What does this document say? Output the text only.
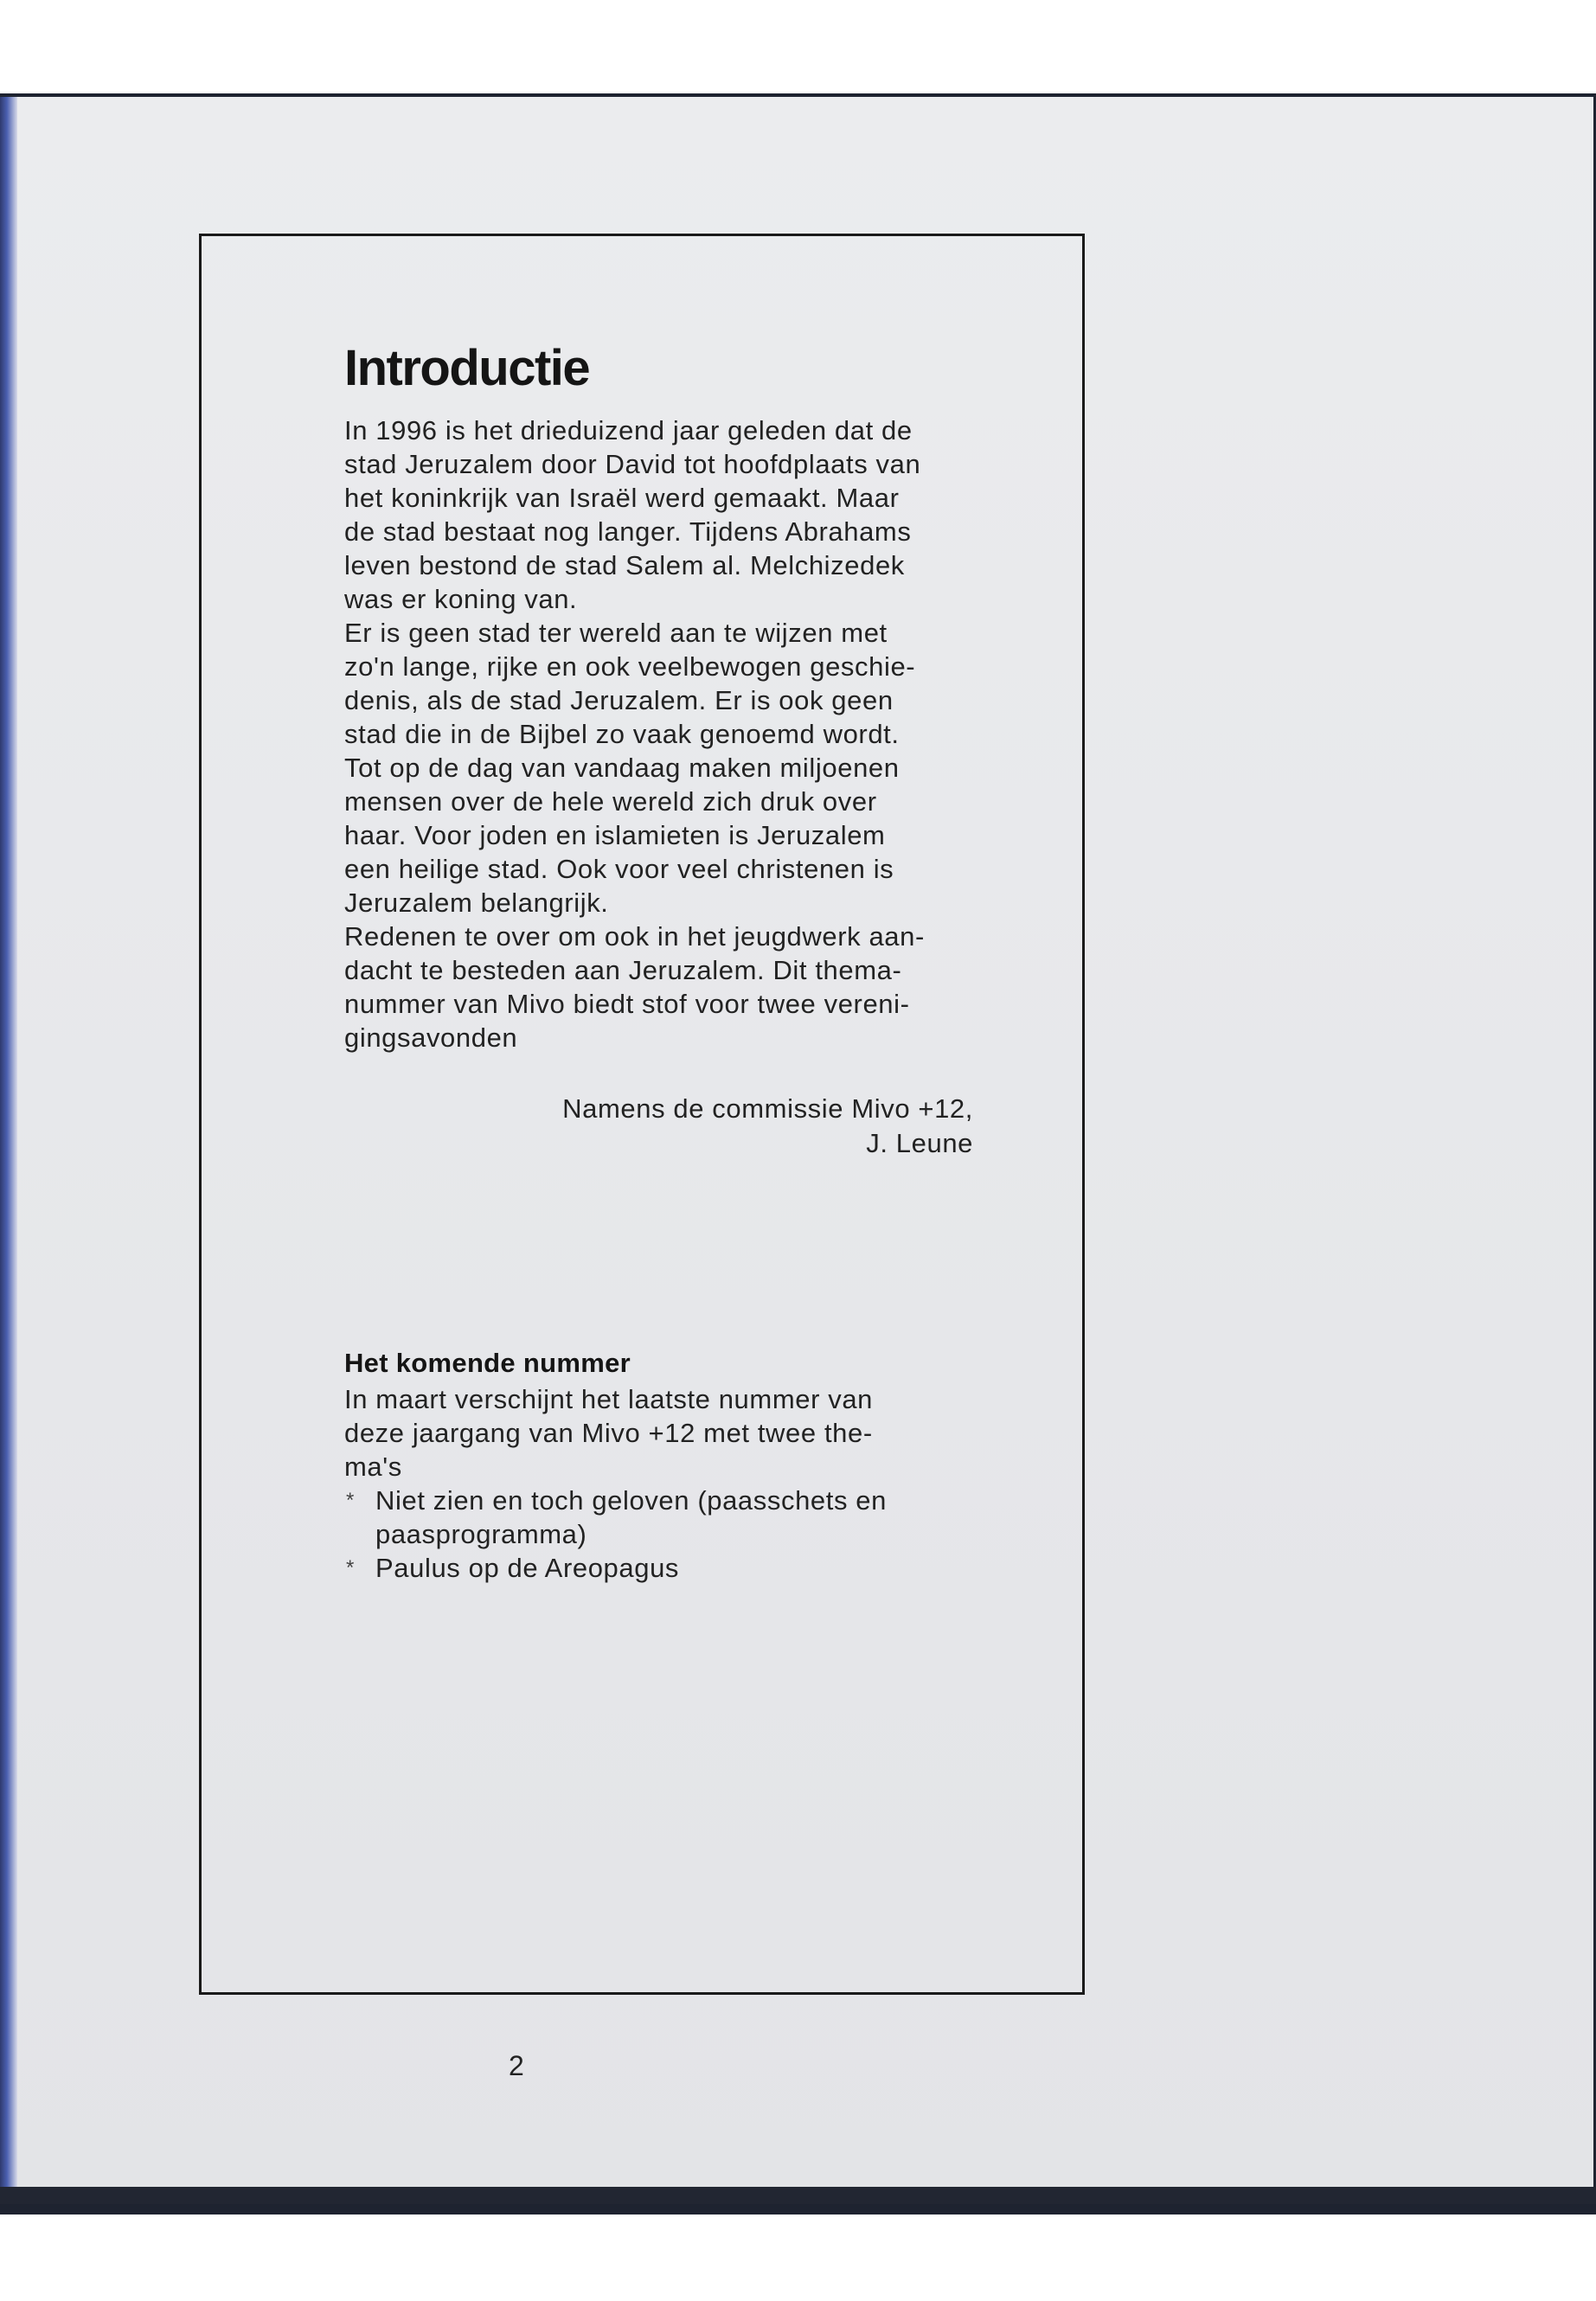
Introductie
In 1996 is het drieduizend jaar geleden dat de
stad Jeruzalem door David tot hoofdplaats van
het koninkrijk van Israël werd gemaakt. Maar
de stad bestaat nog langer. Tijdens Abrahams
leven bestond de stad Salem al. Melchizedek
was er koning van.
Er is geen stad ter wereld aan te wijzen met
zo'n lange, rijke en ook veelbewogen geschie-
denis, als de stad Jeruzalem. Er is ook geen
stad die in de Bijbel zo vaak genoemd wordt.
Tot op de dag van vandaag maken miljoenen
mensen over de hele wereld zich druk over
haar. Voor joden en islamieten is Jeruzalem
een heilige stad. Ook voor veel christenen is
Jeruzalem belangrijk.
Redenen te over om ook in het jeugdwerk aan-
dacht te besteden aan Jeruzalem. Dit thema-
nummer van Mivo biedt stof voor twee vereni-
gingsavonden
Namens de commissie Mivo +12,
J. Leune
Het komende nummer
In maart verschijnt het laatste nummer van
deze jaargang van Mivo +12 met twee the-
ma's
* Niet zien en toch geloven (paasschets en
paasprogramma)
* Paulus op de Areopagus
2
